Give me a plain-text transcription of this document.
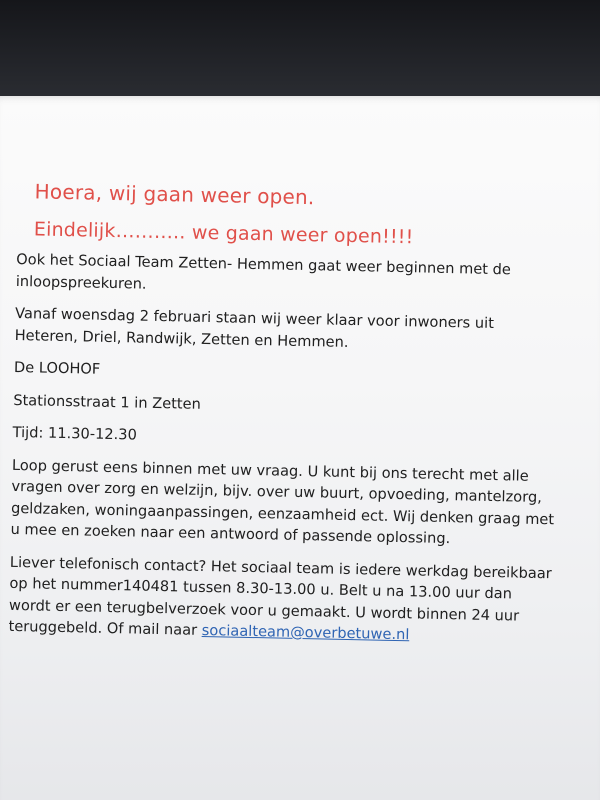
Hoera, wij gaan weer open.
Eindelijk……….. we gaan weer open!!!!
Ook het Sociaal Team Zetten- Hemmen gaat weer beginnen met de inloopspreekuren.
Vanaf woensdag 2 februari staan wij weer klaar voor inwoners uit Heteren, Driel, Randwijk, Zetten en Hemmen.
De LOOHOF
Stationsstraat 1 in Zetten
Tijd: 11.30-12.30
Loop gerust eens binnen met uw vraag. U kunt bij ons terecht met alle vragen over zorg en welzijn, bijv. over uw buurt, opvoeding, mantelzorg, geldzaken, woningaanpassingen, eenzaamheid ect. Wij denken graag met u mee en zoeken naar een antwoord of passende oplossing.
Liever telefonisch contact? Het sociaal team is iedere werkdag bereikbaar op het nummer140481 tussen 8.30-13.00 u. Belt u na 13.00 uur dan wordt er een terugbelverzoek voor u gemaakt. U wordt binnen 24 uur teruggebeld. Of mail naar sociaalteam@overbetuwe.nl
